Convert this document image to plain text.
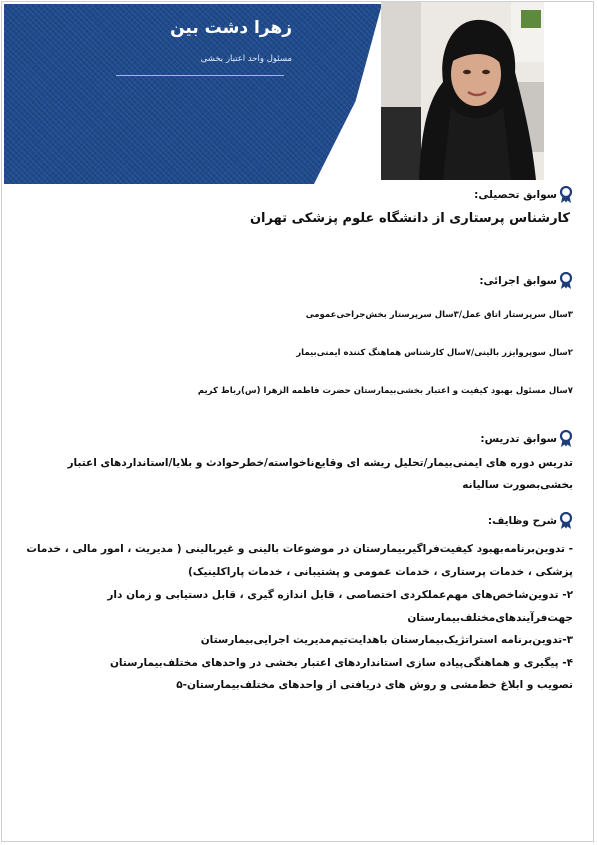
زهرا دشت بین
مسئول واحد اعتبار بخشی
سوابق تحصیلی:
کارشناس پرستاری از دانشگاه علوم پزشکی تهران
سوابق اجرائی:
۳سال سرپرستار اتاق عمل/۳سال سرپرستار بخش‌جراحی‌عمومی
۲سال سوپروایزر بالینی/۷سال کارشناس هماهنگ کننده ایمنی‌بیمار
۷سال مسئول بهبود کیفیت و اعتبار بخشی‌بیمارستان حضرت فاطمه الزهرا (س)رباط کریم
سوابق تدریس:
تدریس دوره های ایمنی‌بیمار/تحلیل ریشه ای وقایع‌ناخواسته/خطرحوادث و بلایا/استانداردهای اعتبار
بخشی‌بصورت سالیانه
شرح وظایف:
- تدوین‌برنامه‌بهبود کیفیت‌فراگیربیمارستان در موضوعات بالینی و غیربالینی ( مدیریت ، امور مالی ، خدمات
پزشکی ، خدمات پرستاری ، خدمات عمومی و پشتیبانی ، خدمات پاراکلینیک)
۲- تدوین‌شاخص‌های مهم‌عملکردی اختصاصی ، قابل اندازه گیری ، قابل دستیابی و زمان دار
جهت‌فرآیندهای‌مختلف‌بیمارستان
۳-تدوین‌برنامه استراتژیک‌بیمارستان باهدایت‌تیم‌مدیریت اجرایی‌بیمارستان
۴- پیگیری و هماهنگی‌پیاده سازی استانداردهای اعتبار بخشی در واحدهای مختلف‌بیمارستان
تصویب و ابلاغ خط‌مشی و روش های دریافتی از واحدهای مختلف‌بیمارستان-۵
